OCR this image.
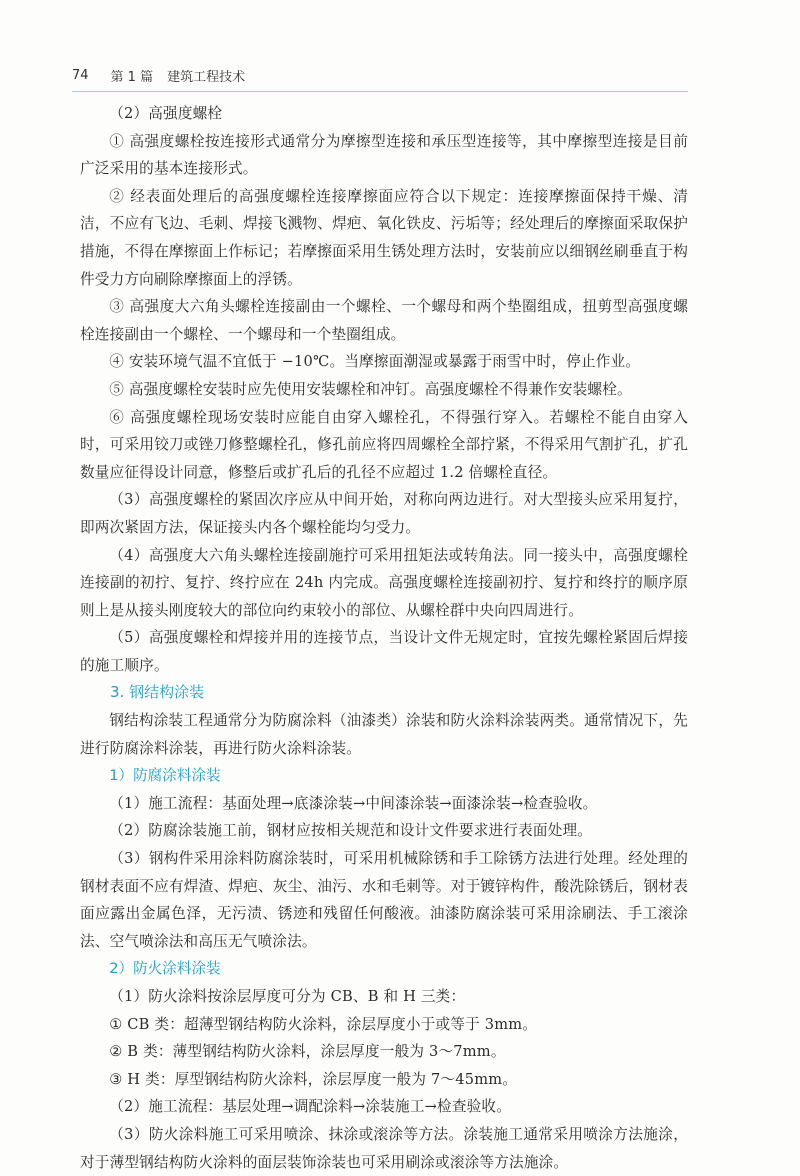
74 第 1 篇 建筑工程技术

（2）高强度螺栓

① 高强度螺栓按连接形式通常分为摩擦型连接和承压型连接等，其中摩擦型连接是目前广泛采用的基本连接形式。

② 经表面处理后的高强度螺栓连接摩擦面应符合以下规定：连接摩擦面保持干燥、清洁，不应有飞边、毛刺、焊接飞溅物、焊疤、氧化铁皮、污垢等；经处理后的摩擦面采取保护措施，不得在摩擦面上作标记；若摩擦面采用生锈处理方法时，安装前应以细钢丝刷垂直于构件受力方向刷除摩擦面上的浮锈。

③ 高强度大六角头螺栓连接副由一个螺栓、一个螺母和两个垫圈组成，扭剪型高强度螺栓连接副由一个螺栓、一个螺母和一个垫圈组成。

④ 安装环境气温不宜低于 −10℃。当摩擦面潮湿或暴露于雨雪中时，停止作业。

⑤ 高强度螺栓安装时应先使用安装螺栓和冲钉。高强度螺栓不得兼作安装螺栓。

⑥ 高强度螺栓现场安装时应能自由穿入螺栓孔，不得强行穿入。若螺栓不能自由穿入时，可采用铰刀或锉刀修整螺栓孔，修孔前应将四周螺栓全部拧紧，不得采用气割扩孔，扩孔数量应征得设计同意，修整后或扩孔后的孔径不应超过 1.2 倍螺栓直径。

（3）高强度螺栓的紧固次序应从中间开始，对称向两边进行。对大型接头应采用复拧，即两次紧固方法，保证接头内各个螺栓能均匀受力。

（4）高强度大六角头螺栓连接副施拧可采用扭矩法或转角法。同一接头中，高强度螺栓连接副的初拧、复拧、终拧应在 24h 内完成。高强度螺栓连接副初拧、复拧和终拧的顺序原则上是从接头刚度较大的部位向约束较小的部位、从螺栓群中央向四周进行。

（5）高强度螺栓和焊接并用的连接节点，当设计文件无规定时，宜按先螺栓紧固后焊接的施工顺序。

3. 钢结构涂装

钢结构涂装工程通常分为防腐涂料（油漆类）涂装和防火涂料涂装两类。通常情况下，先进行防腐涂料涂装，再进行防火涂料涂装。

1）防腐涂料涂装

（1）施工流程：基面处理→底漆涂装→中间漆涂装→面漆涂装→检查验收。

（2）防腐涂装施工前，钢材应按相关规范和设计文件要求进行表面处理。

（3）钢构件采用涂料防腐涂装时，可采用机械除锈和手工除锈方法进行处理。经处理的钢材表面不应有焊渣、焊疤、灰尘、油污、水和毛刺等。对于镀锌构件，酸洗除锈后，钢材表面应露出金属色泽，无污渍、锈迹和残留任何酸液。油漆防腐涂装可采用涂刷法、手工滚涂法、空气喷涂法和高压无气喷涂法。

2）防火涂料涂装

（1）防火涂料按涂层厚度可分为 CB、B 和 H 三类：

① CB 类：超薄型钢结构防火涂料，涂层厚度小于或等于 3mm。

② B 类：薄型钢结构防火涂料，涂层厚度一般为 3～7mm。

③ H 类：厚型钢结构防火涂料，涂层厚度一般为 7～45mm。

（2）施工流程：基层处理→调配涂料→涂装施工→检查验收。

（3）防火涂料施工可采用喷涂、抹涂或滚涂等方法。涂装施工通常采用喷涂方法施涂，对于薄型钢结构防火涂料的面层装饰涂装也可采用刷涂或滚涂等方法施涂。
